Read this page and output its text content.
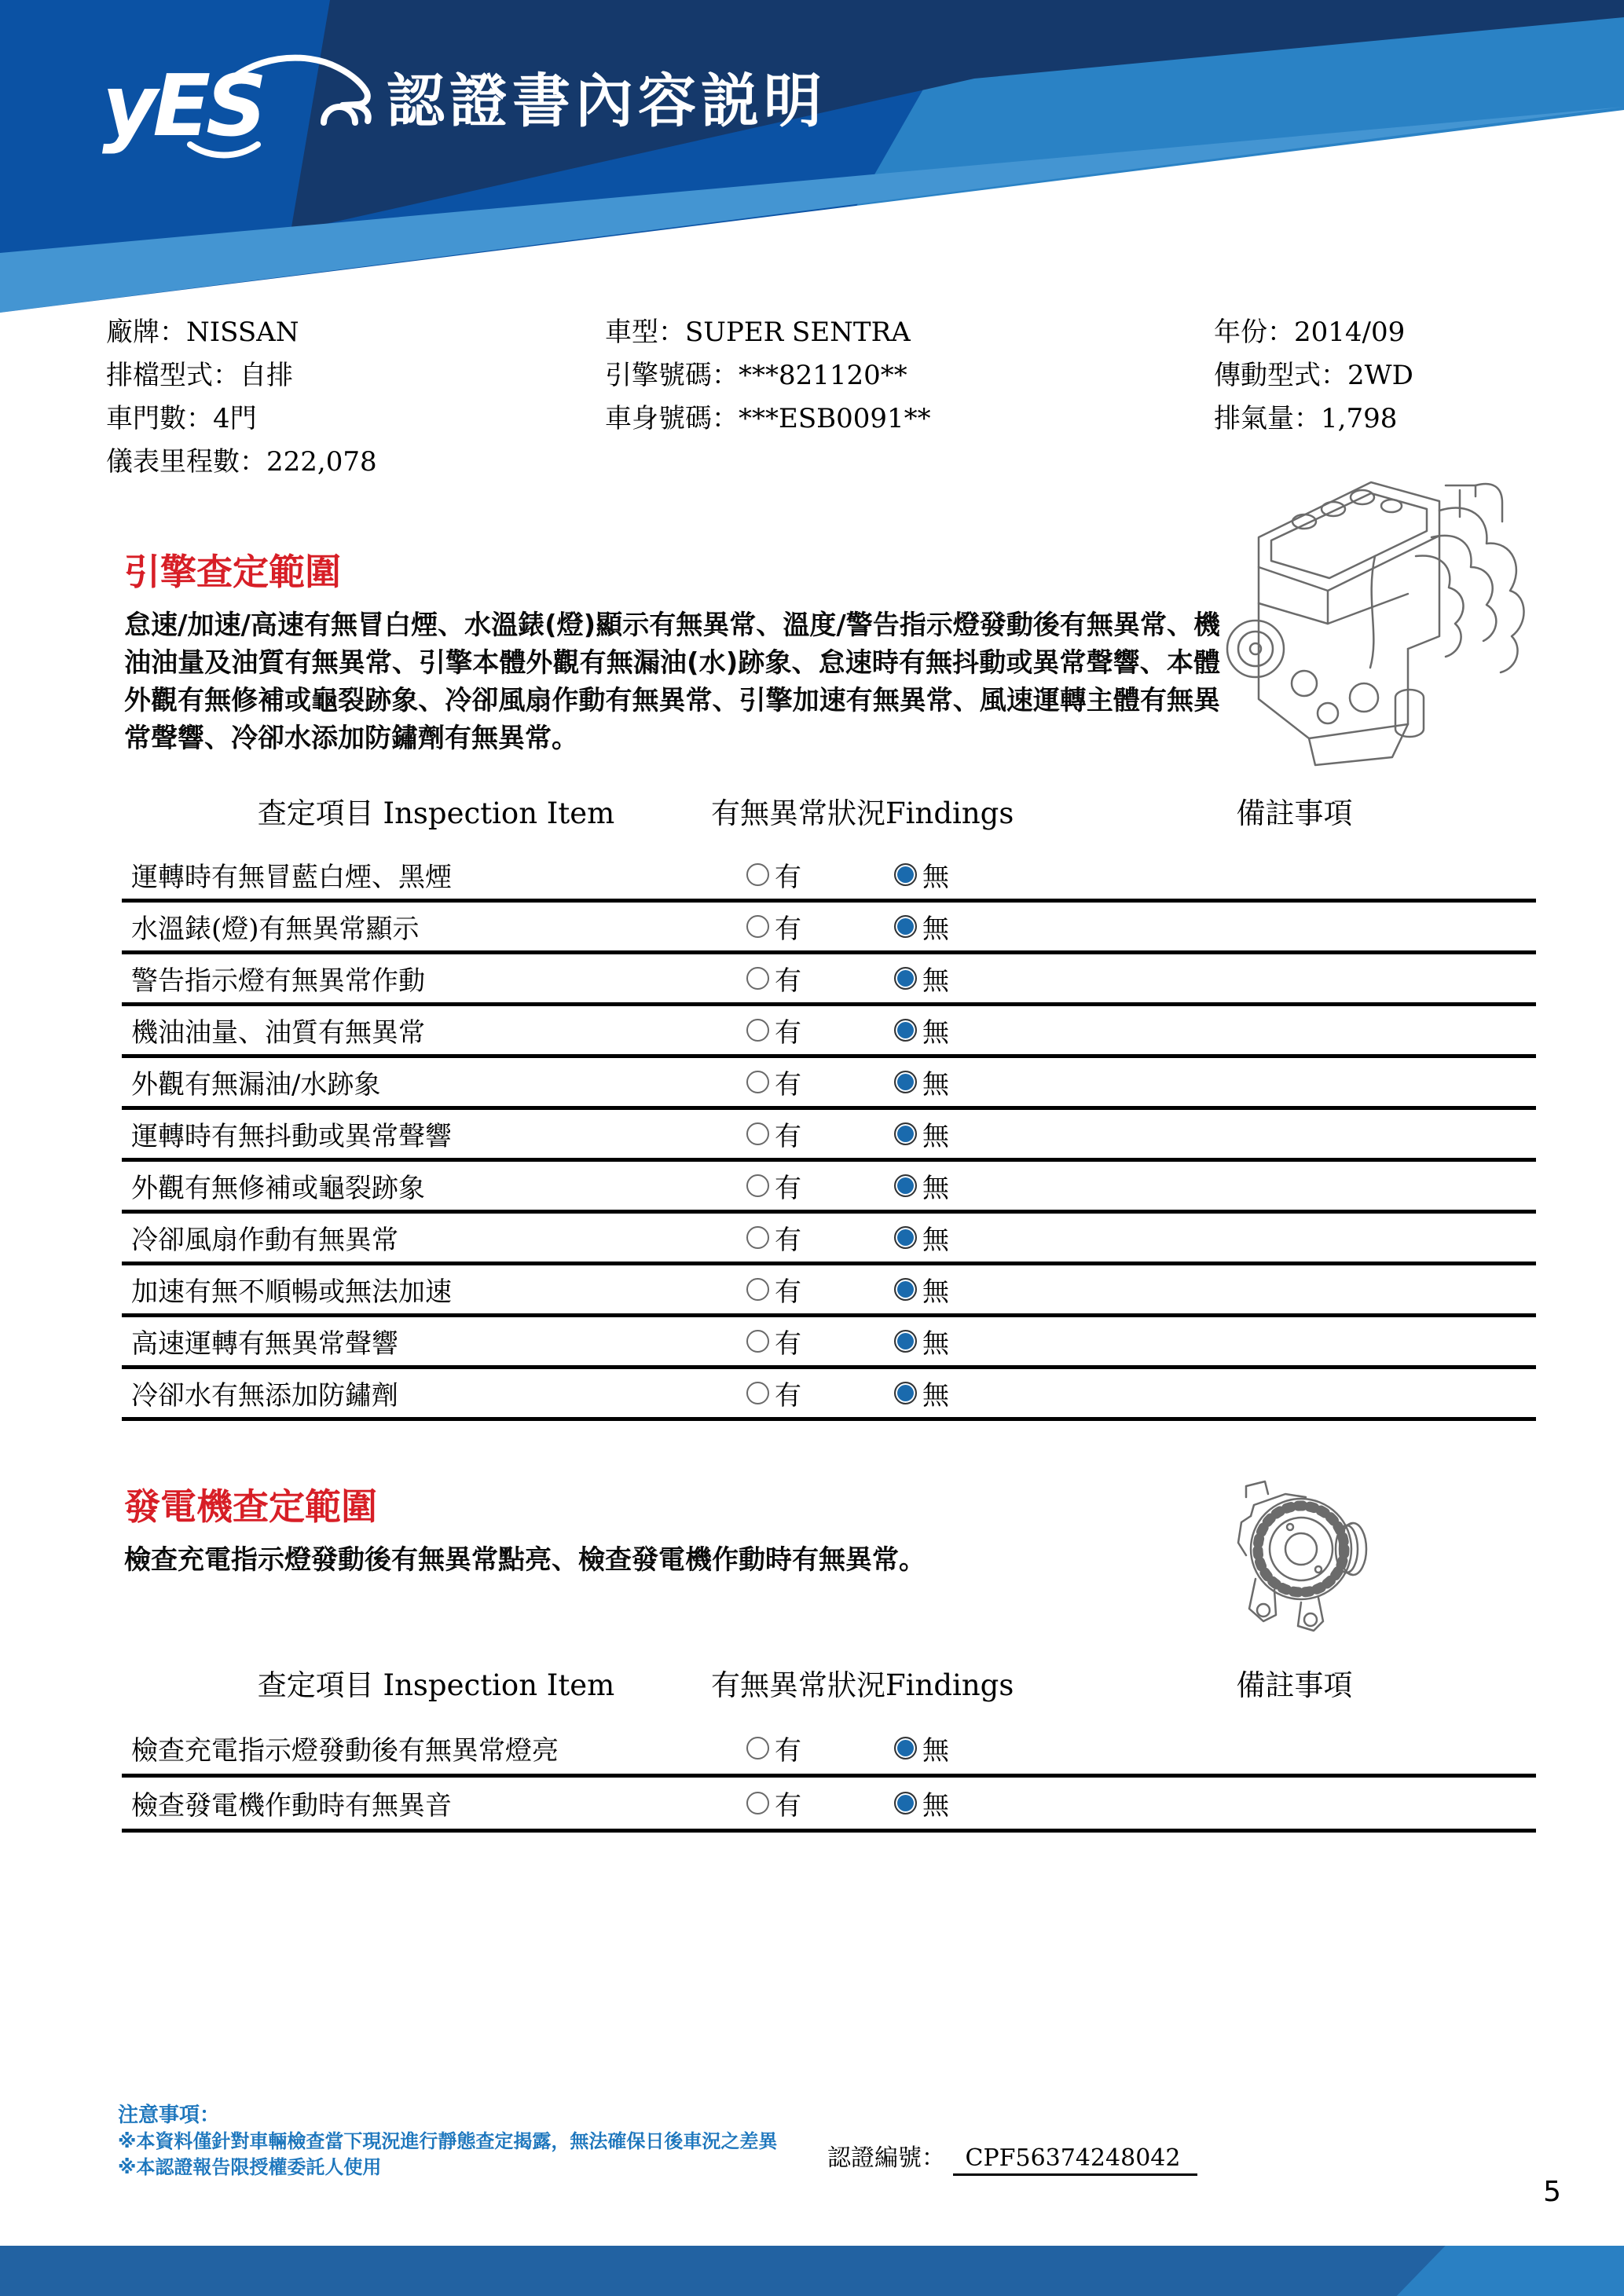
yES 認證書內容説明
廠牌：NISSAN
排檔型式：自排
車門數：4門
儀表里程數：222,078
車型：SUPER SENTRA
引擎號碼：***821120**
車身號碼：***ESB0091**
年份：2014/09
傳動型式：2WD
排氣量：1,798
引擎查定範圍
怠速/加速/高速有無冒白煙、水溫錶(燈)顯示有無異常、溫度/警告指示燈發動後有無異常、機油油量及油質有無異常、引擎本體外觀有無漏油(水)跡象、怠速時有無抖動或異常聲響、本體外觀有無修補或龜裂跡象、冷卻風扇作動有無異常、引擎加速有無異常、風速運轉主體有無異常聲響、冷卻水添加防鏽劑有無異常。
查定項目 Inspection Item	有無異常狀況Findings	備註事項
運轉時有無冒藍白煙、黑煙	有	無
水溫錶(燈)有無異常顯示	有	無
警告指示燈有無異常作動	有	無
機油油量、油質有無異常	有	無
外觀有無漏油/水跡象	有	無
運轉時有無抖動或異常聲響	有	無
外觀有無修補或龜裂跡象	有	無
冷卻風扇作動有無異常	有	無
加速有無不順暢或無法加速	有	無
高速運轉有無異常聲響	有	無
冷卻水有無添加防鏽劑	有	無
發電機查定範圍
檢查充電指示燈發動後有無異常點亮、檢查發電機作動時有無異常。
查定項目 Inspection Item	有無異常狀況Findings	備註事項
檢查充電指示燈發動後有無異常燈亮	有	無
檢查發電機作動時有無異音	有	無
注意事項：
※本資料僅針對車輛檢查當下現況進行靜態查定揭露，無法確保日後車況之差異
※本認證報告限授權委託人使用	認證編號： CPF56374248042
5
